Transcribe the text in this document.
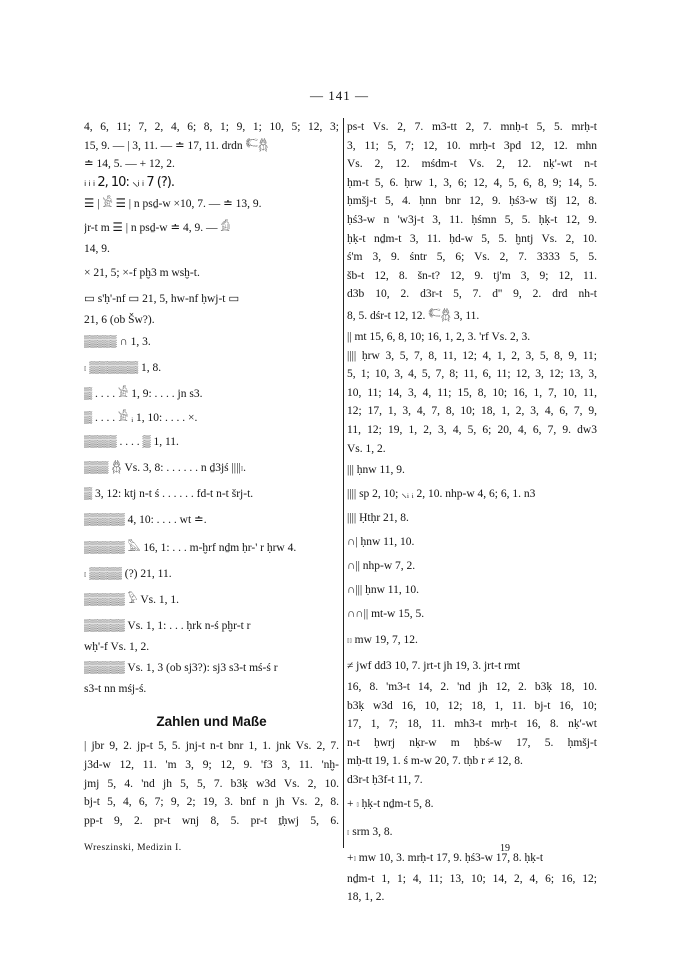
— 141 —
4, 6, 11; 7, 2, 4, 6; 8, 1; 9, 1; 10, 5; 12, 3;
15, 9. — | 3, 11. — ≐ 17, 11. drdn 𓌤𓆣
≐ 14, 5. — + 12, 2.
ᵢ ᵢ ᵢ 2, 10: ⸜ᵢ ᵢ 7 (?).
☰ | 𓀀 ☰ | n psḏ-w ×10, 7. — ≐ 13, 9.
jr-t m ☰ | n psḏ-w ≐ 4, 9. — 𓀁
14, 9.
× 21, 5; ×-f pḫ3 m wsḫ-t.
▭ s'ḥ'-nf ▭ 21, 5, hw-nf ḥwj-t ▭
21, 6 (ob Šw?).
▒▒▒▒ ∩ 1, 3.
𓏤 ▒▒▒▒▒▒ 1, 8.
▒ . . . . 𓀀 1, 9: . . . . jn s3.
▒ . . . . 𓀀 ᵢ 1, 10: . . . . ×.
▒▒▒▒ . . . . ▒ 1, 11.
▒▒▒ 𓆣 Vs. 3, 8: . . . . . . n ḏ3jś ||||𓏤.
▒ 3, 12: ktj n-t ś . . . . . . fd-t n-t šrj-t.
▒▒▒▒▒ 4, 10: . . . . wt ≐.
▒▒▒▒▒ 𓅓 16, 1: . . . m-ḫrf nḏm ḥr-' r ḥrw 4.
𓏤 ▒▒▒▒ (?) 21, 11.
▒▒▒▒▒ 𓅱 Vs. 1, 1.
▒▒▒▒▒ Vs. 1, 1: . . . ḥrk n-ś pḫr-t r
wḥ'-f Vs. 1, 2.
▒▒▒▒▒ Vs. 1, 3 (ob sj3?): sj3 s3-t mś-ś r
s3-t nn mśj-ś.
Zahlen und Maße
| jbr 9, 2. jp-t 5, 5. jnj-t n-t bnr 1, 1. jnk Vs. 2, 7.
j3d-w 12, 11. 'm 3, 9; 12, 9. 'f3 3, 11. 'nḫ-
jmj 5, 4. 'nd jh 5, 5, 7. b3ḳ w3d Vs. 2, 10.
bj-t 5, 4, 6, 7; 9, 2; 19, 3. bnf n jh Vs. 2, 8.
pp-t 9, 2. pr-t wnj 8, 5. pr-t ṯḥwj 5, 6.
ps-t Vs. 2, 7. m3-tt 2, 7. mnḥ-t 5, 5. mrḥ-t
3, 11; 5, 7; 12, 10. mrḥ-t 3pd 12, 12. mhn
Vs. 2, 12. mśdm-t Vs. 2, 12. nḳ'-wt n-t
ḥm-t 5, 6. ḥrw 1, 3, 6; 12, 4, 5, 6, 8, 9; 14, 5.
ḥmšj-t 5, 4. ḥnn bnr 12, 9. ḥś3-w tšj 12, 8.
ḥś3-w n 'w3j-t 3, 11. ḥśmn 5, 5. ḥḳ-t 12, 9.
ḥḳ-t nḏm-t 3, 11. ḥd-w 5, 5. ḫntj Vs. 2, 10.
ś'm 3, 9. śntr 5, 6; Vs. 2, 7. 3333 5, 5.
šb-t 12, 8. šn-t? 12, 9. tj'm 3, 9; 12, 11.
d3b 10, 2. d3r-t 5, 7. d'' 9, 2. drd nh-t
8, 5. dśr-t 12, 12. 𓌤𓆣 3, 11.
|| mt 15, 6, 8, 10; 16, 1, 2, 3. 'rf Vs. 2, 3.
|||| ḥrw 3, 5, 7, 8, 11, 12; 4, 1, 2, 3, 5, 8, 9, 11;
5, 1; 10, 3, 4, 5, 7, 8; 11, 6, 11; 12, 3, 12; 13, 3,
10, 11; 14, 3, 4, 11; 15, 8, 10; 16, 1, 7, 10, 11,
12; 17, 1, 3, 4, 7, 8, 10; 18, 1, 2, 3, 4, 6, 7, 9,
11, 12; 19, 1, 2, 3, 4, 5, 6; 20, 4, 6, 7, 9. dw3
Vs. 1, 2.
||| ḥnw 11, 9.
|||| sp 2, 10; ⸜ᵢ ᵢ 2, 10. nhp-w 4, 6; 6, 1. n3
|||| Ḥtḥr 21, 8.
∩| ḥnw 11, 10.
∩|| nhp-w 7, 2.
∩||| ḥnw 11, 10.
∩∩|| mt-w 15, 5.
𓏤𓏤 mw 19, 7, 12.
≠ jwf dd3 10, 7. jrt-t jh 19, 3. jrt-t rmt
16, 8. 'm3-t 14, 2. 'nd jh 12, 2. b3ḳ 18, 10.
b3ḳ w3d 16, 10, 12; 18, 1, 11. bj-t 16, 10;
17, 1, 7; 18, 11. mh3-t mrḥ-t 16, 8. nḳ'-wt
n-t ḥwrj nḳr-w m ḥbś-w 17, 5. ḥmšj-t
mḥ-tt 19, 1. ś m-w 20, 7. tḥb r ≠ 12, 8.
d3r-t ḥ3f-t 11, 7.
+ 𓏤 ḥḳ-t nḏm-t 5, 8.
𓏤 srm 3, 8.
+𓏤 mw 10, 3. mrḥ-t 17, 9. ḥś3-w 17, 8. ḥḳ-t
nḏm-t 1, 1; 4, 11; 13, 10; 14, 2, 4, 6; 16, 12;
18, 1, 2.
Wreszinski, Medizin I.	19
